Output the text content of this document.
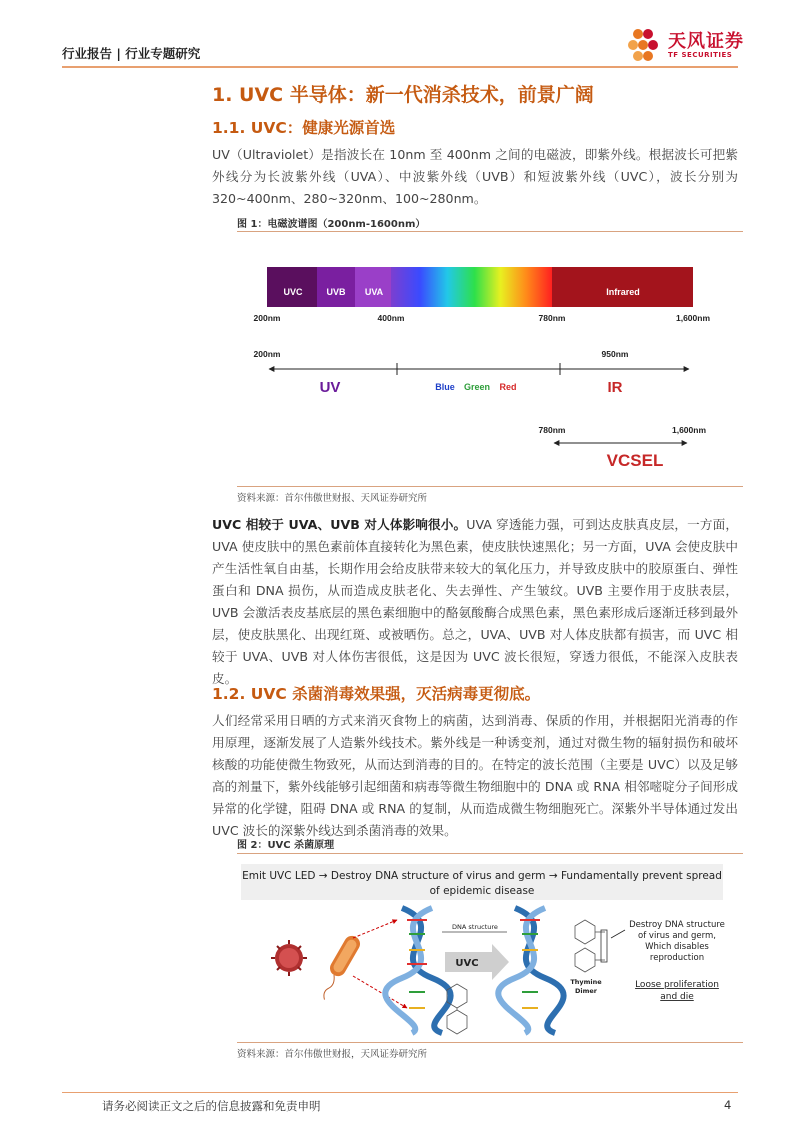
行业报告 | 行业专题研究
天风证券
TF SECURITIES
1. UVC 半导体：新一代消杀技术，前景广阔
1.1. UVC：健康光源首选
UV（Ultraviolet）是指波长在 10nm 至 400nm 之间的电磁波，即紫外线。根据波长可把紫外线分为长波紫外线（UVA）、中波紫外线（UVB）和短波紫外线（UVC），波长分别为 320~400nm、280~320nm、100~280nm。
图 1：电磁波谱图（200nm-1600nm）
UVC	UVB UVA	Infrared
200nm	400nm	780nm	1,600nm
200nm	950nm
UV	Blue Green Red	IR
780nm	1,600nm
VCSEL
资料来源：首尔伟傲世财报、天风证券研究所
UVC 相较于 UVA、UVB 对人体影响很小。UVA 穿透能力强，可到达皮肤真皮层，一方面，UVA 使皮肤中的黑色素前体直接转化为黑色素，使皮肤快速黑化；另一方面，UVA 会使皮肤中产生活性氧自由基，长期作用会给皮肤带来较大的氧化压力，并导致皮肤中的胶原蛋白、弹性蛋白和 DNA 损伤，从而造成皮肤老化、失去弹性、产生皱纹。UVB 主要作用于皮肤表层，UVB 会激活表皮基底层的黑色素细胞中的酪氨酸酶合成黑色素，黑色素形成后逐渐迁移到最外层，使皮肤黑化、出现红斑、或被晒伤。总之，UVA、UVB 对人体皮肤都有损害，而 UVC 相较于 UVA、UVB 对人体伤害很低，这是因为 UVC 波长很短，穿透力很低，不能深入皮肤表皮。
1.2. UVC 杀菌消毒效果强，灭活病毒更彻底。
人们经常采用日晒的方式来消灭食物上的病菌，达到消毒、保质的作用，并根据阳光消毒的作用原理，逐渐发展了人造紫外线技术。紫外线是一种诱变剂，通过对微生物的辐射损伤和破坏核酸的功能使微生物致死，从而达到消毒的目的。在特定的波长范围（主要是 UVC）以及足够高的剂量下，紫外线能够引起细菌和病毒等微生物细胞中的 DNA 或 RNA 相邻嘧啶分子间形成异常的化学键，阻碍 DNA 或 RNA 的复制，从而造成微生物细胞死亡。深紫外半导体通过发出 UVC 波长的深紫外线达到杀菌消毒的效果。
图 2：UVC 杀菌原理
Emit UVC LED → Destroy DNA structure of virus and germ → Fundamentally prevent spread
of epidemic disease
DNA structure
UVC
Thymine
Dimer
Destroy DNA structure
of virus and germ,
Which disables
reproduction
Loose proliferation
and die
资料来源：首尔伟傲世财报，天风证券研究所
请务必阅读正文之后的信息披露和免责申明	4
